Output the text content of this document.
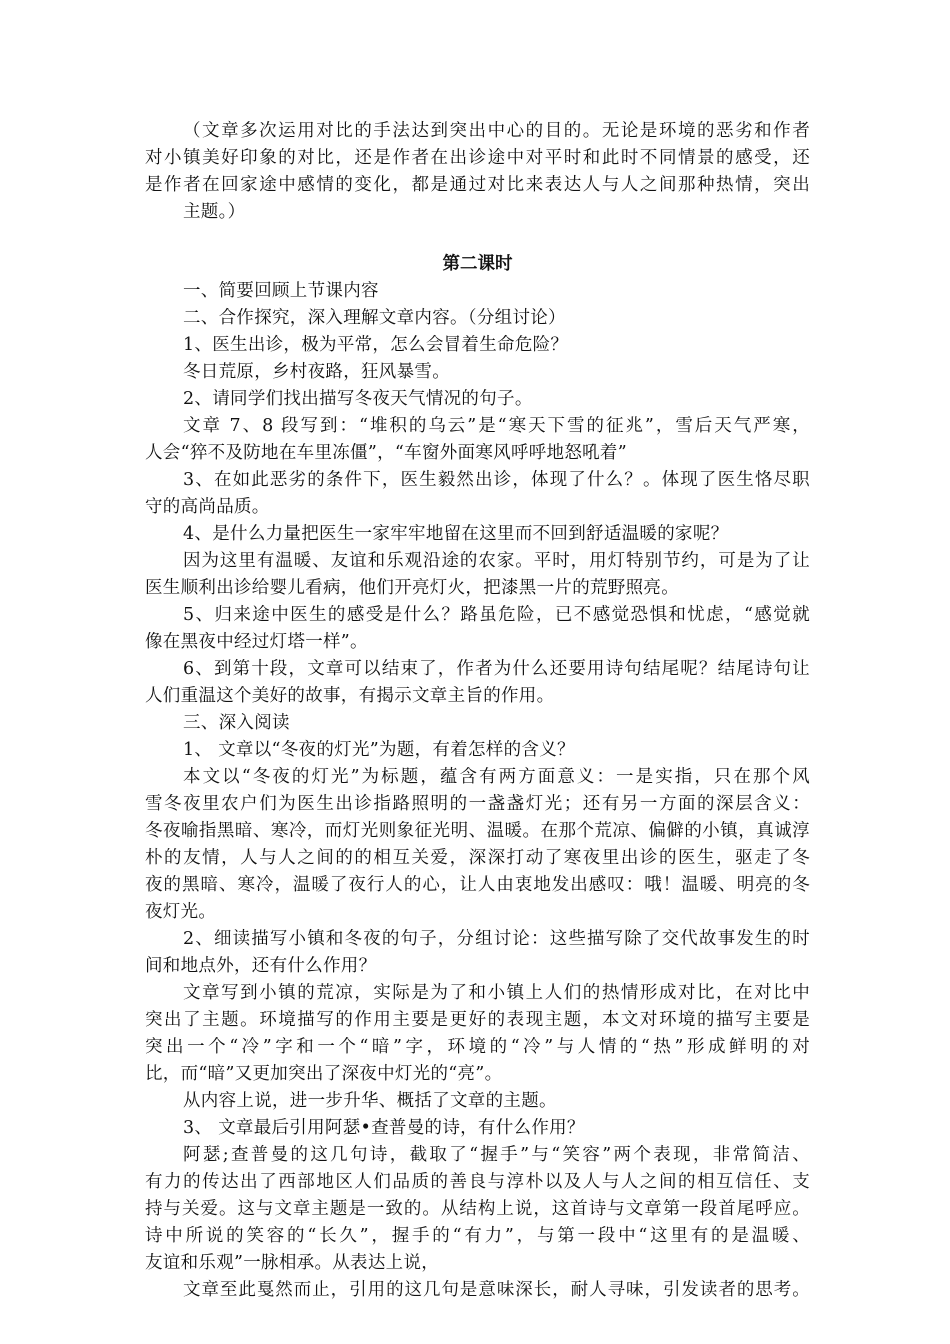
（文章多次运用对比的手法达到突出中心的目的。无论是环境的恶劣和作者
对小镇美好印象的对比，还是作者在出诊途中对平时和此时不同情景的感受，还
是作者在回家途中感情的变化，都是通过对比来表达人与人之间那种热情，突出
主题。）
第二课时
一、简要回顾上节课内容
二、合作探究，深入理解文章内容。（分组讨论）
1、医生出诊，极为平常，怎么会冒着生命危险？
冬日荒原，乡村夜路，狂风暴雪。
2、请同学们找出描写冬夜天气情况的句子。
文章 7、8 段写到：“堆积的乌云”是“寒天下雪的征兆”，雪后天气严寒，
人会“猝不及防地在车里冻僵”，“车窗外面寒风呼呼地怒吼着”
3、在如此恶劣的条件下，医生毅然出诊，体现了什么？。体现了医生恪尽职
守的高尚品质。
4、是什么力量把医生一家牢牢地留在这里而不回到舒适温暖的家呢？
因为这里有温暖、友谊和乐观沿途的农家。平时，用灯特别节约，可是为了让
医生顺利出诊给婴儿看病，他们开亮灯火，把漆黑一片的荒野照亮。
5、归来途中医生的感受是什么？路虽危险，已不感觉恐惧和忧虑，“感觉就
像在黑夜中经过灯塔一样”。
6、到第十段，文章可以结束了，作者为什么还要用诗句结尾呢？结尾诗句让
人们重温这个美好的故事，有揭示文章主旨的作用。
三、深入阅读
1、 文章以“冬夜的灯光”为题，有着怎样的含义？
本文以“冬夜的灯光”为标题，蕴含有两方面意义：一是实指，只在那个风
雪冬夜里农户们为医生出诊指路照明的一盏盏灯光；还有另一方面的深层含义：
冬夜喻指黑暗、寒冷，而灯光则象征光明、温暖。在那个荒凉、偏僻的小镇，真诚淳
朴的友情，人与人之间的的相互关爱，深深打动了寒夜里出诊的医生，驱走了冬
夜的黑暗、寒冷，温暖了夜行人的心，让人由衷地发出感叹：哦！温暖、明亮的冬
夜灯光。
2、细读描写小镇和冬夜的句子，分组讨论：这些描写除了交代故事发生的时
间和地点外，还有什么作用？
文章写到小镇的荒凉，实际是为了和小镇上人们的热情形成对比，在对比中
突出了主题。环境描写的作用主要是更好的表现主题，本文对环境的描写主要是
突出一个“冷”字和一个“暗”字，环境的“冷”与人情的“热”形成鲜明的对
比，而“暗”又更加突出了深夜中灯光的“亮”。
从内容上说，进一步升华、概括了文章的主题。
3、 文章最后引用阿瑟•查普曼的诗，有什么作用？
阿瑟;查普曼的这几句诗，截取了“握手”与“笑容”两个表现，非常简洁、
有力的传达出了西部地区人们品质的善良与淳朴以及人与人之间的相互信任、支
持与关爱。这与文章主题是一致的。从结构上说，这首诗与文章第一段首尾呼应。
诗中所说的笑容的“长久”，握手的“有力”，与第一段中“这里有的是温暖、
友谊和乐观”一脉相承。从表达上说，
文章至此戛然而止，引用的这几句是意味深长，耐人寻味，引发读者的思考。
